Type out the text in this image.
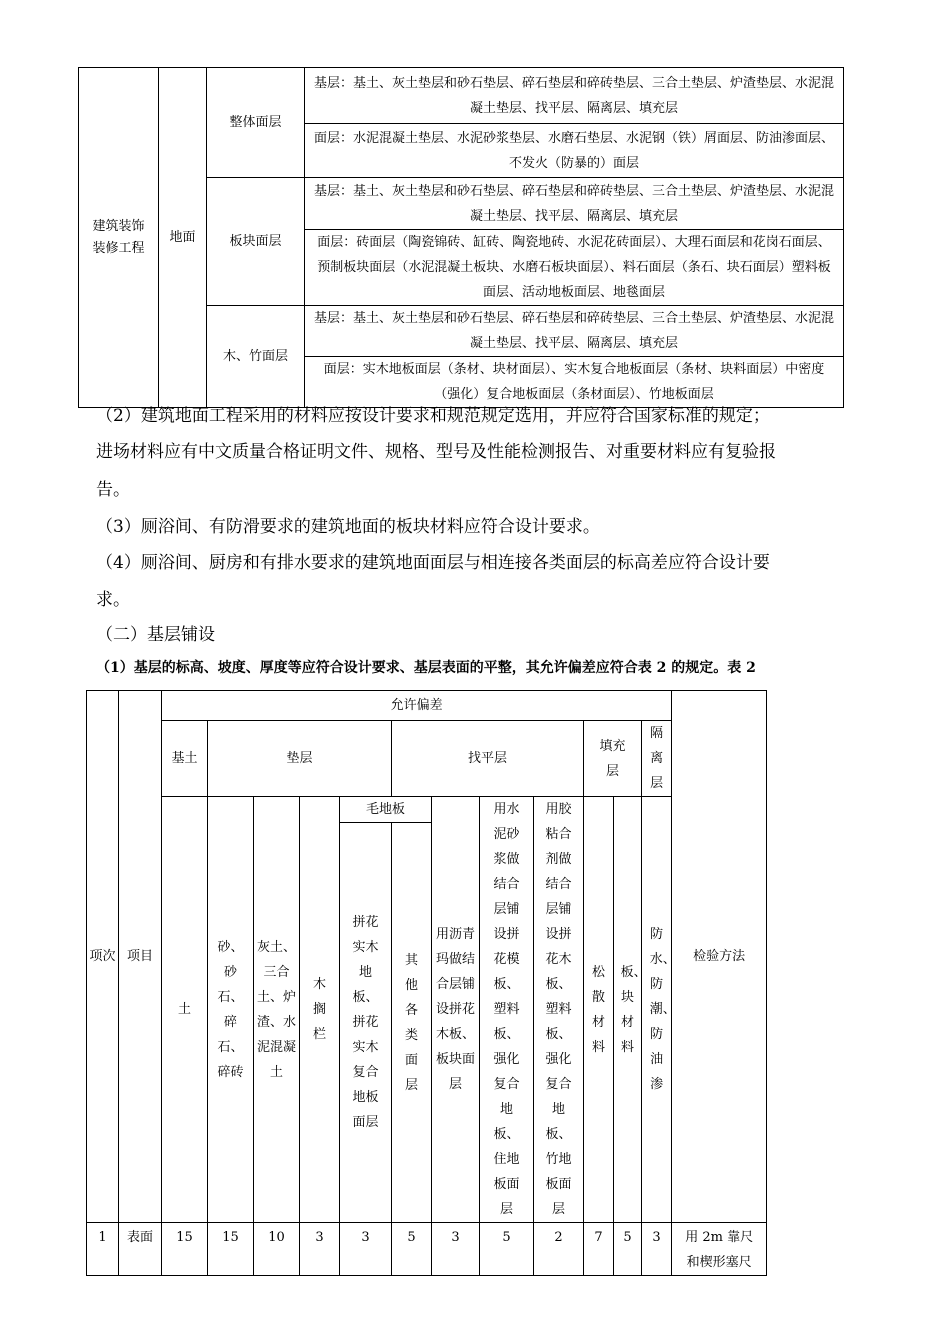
建筑装饰装修工程	地面	整体面层	基层：基土、灰土垫层和砂石垫层、碎石垫层和碎砖垫层、三合土垫层、炉渣垫层、水泥混凝土垫层、找平层、隔离层、填充层
			面层：水泥混凝土垫层、水泥砂浆垫层、水磨石垫层、水泥钢（铁）屑面层、防油渗面层、不发火（防暴的）面层
		板块面层	基层：基土、灰土垫层和砂石垫层、碎石垫层和碎砖垫层、三合土垫层、炉渣垫层、水泥混凝土垫层、找平层、隔离层、填充层
			面层：砖面层（陶瓷锦砖、缸砖、陶瓷地砖、水泥花砖面层）、大理石面层和花岗石面层、预制板块面层（水泥混凝土板块、水磨石板块面层）、料石面层（条石、块石面层）塑料板面层、活动地板面层、地毯面层
		木、竹面层	基层：基土、灰土垫层和砂石垫层、碎石垫层和碎砖垫层、三合土垫层、炉渣垫层、水泥混凝土垫层、找平层、隔离层、填充层
			面层：实木地板面层（条材、块材面层）、实木复合地板面层（条材、块料面层）中密度（强化）复合地板面层（条材面层）、竹地板面层
（2）建筑地面工程采用的材料应按设计要求和规范规定选用，并应符合国家标准的规定；
进场材料应有中文质量合格证明文件、规格、型号及性能检测报告、对重要材料应有复验报
告。
（3）厕浴间、有防滑要求的建筑地面的板块材料应符合设计要求。
（4）厕浴间、厨房和有排水要求的建筑地面面层与相连接各类面层的标高差应符合设计要
求。
（二）基层铺设
（1）基层的标高、坡度、厚度等应符合设计要求、基层表面的平整，其允许偏差应符合表 2 的规定。表 2
项次	项目	允许偏差												检验方法
		基土	垫层				找平层				填充层		隔离层	
		土	砂、砂石、碎石、碎砖	灰土、三合土、炉渣、水泥混凝土	木搁栏	毛地板		用沥青玛做结合层铺设拼花木板、板块面层	用水泥砂浆做结合层铺设拼花模板、塑料板、强化复合地板、住地板面层	用胶粘合剂做结合层铺设拼花木板、塑料板、强化复合地板、竹地板面层	松散材料	板、块材料	防水、防潮、防油渗	
						拼花实木地板、拼花实木复合地板面层	其他各类面层							
1	表面	15	15	10	3	3	5	3	5	2	7	5	3	用 2m 靠尺和楔形塞尺
